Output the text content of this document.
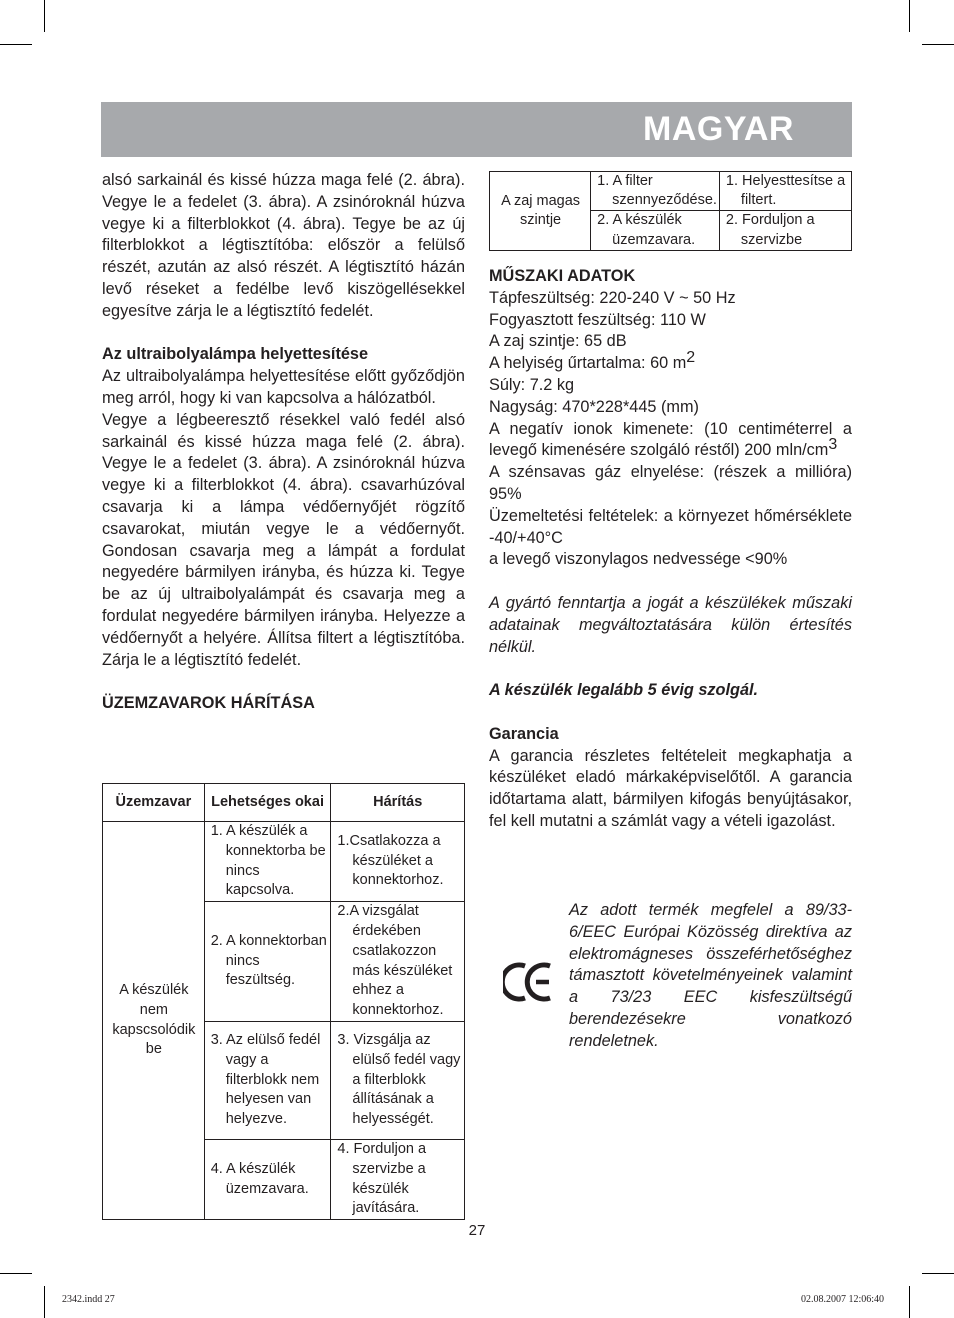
MAGYAR

alsó sarkainál és kissé húzza maga felé (2. ábra). Vegye le a fedelet (3. ábra). A zsinóroknál húzva vegye ki a filterblokkot (4. ábra). Tegye be az új filterblokkot a légtisztítóba: először a felülső részét, azután az alsó részét. A légtisztító házán levő réseket a fedélbe levő kiszögellésekkel egyesítve zárja le a légtisztító fedelét.

Az ultraibolyalámpa helyettesítése

Az ultraibolyalámpa helyettesítése előtt győződjön meg arról, hogy ki van kapcsolva a hálózatból.

Vegye a légbeeresztő résekkel való fedél alsó sarkainál és kissé húzza maga felé (2. ábra). Vegye le a fedelet (3. ábra). A zsinóroknál húzva vegye ki a filterblokkot (4. ábra). csavarhúzóval csavarja ki a lámpa védőernyőjét rögzítő csavarokat, miután vegye le a védőernyőt. Gondosan csavarja meg a lámpát a fordulat negyedére bármilyen irányba, és húzza ki. Tegye be az új ultraibolyalámpát és csavarja meg a fordulat negyedére bármilyen irányba. Helyezze a védőernyőt a helyére. Állítsa filtert a légtisztítóba. Zárja le a légtisztító fedelét.

ÜZEMZAVAROK HÁRÍTÁSA

Üzemzavar	Lehetséges okai	Hárítás
A készülék nem kapscsolódik be	1. A készülék a konnektorba be nincs kapcsolva.	1.Csatlakozza a készüléket a konnektorhoz.

	2. A konnektorban nincs feszültség.	2.A vizsgálat érdekében csatlakozzon más készüléket ehhez a konnektorhoz.

	3. Az elülső fedél vagy a filterblokk nem helyesen van helyezve.	3. Vizsgálja az elülső fedél vagy a filterblokk állításának a helyességét.

	4. A készülék üzemzavara.	4. Forduljon a szervizbe a készülék javítására.
A zaj magas szintje	1. A filter szennyeződése.	1. Helyesttesítse a filtert.

	2. A készülék üzemzavara.	2. Forduljon a szervizbe

MŰSZAKI ADATOK

Tápfeszültség: 220-240 V ~ 50 Hz

Fogyasztott feszültség: 110 W

A zaj szintje: 65 dB

A helyiség űrtartalma: 60 $m^2$

Súly: 7.2 kg

Nagyság: 470*228*445 (mm)

A negatív ionok kimenete: (10 centiméterrel a levegő kimenésére szolgáló réstől) 200 mln/$cm^3$

A szénsavas gáz elnyelése: (részek a millióra) 95%

Üzemeltetési feltételek: a környezet hőmérséklete -40/+40°C

a levegő viszonylagos nedvessége <90%

A gyártó fenntartja a jogát a készülékek műszaki adatainak megváltoztatására külön értesítés nélkül.

A készülék legalább 5 évig szolgál.

Garancia

A garancia részletes feltételeit megkaphatja a készüléket eladó márkaképviselőtől. A garancia időtartama alatt, bármilyen kifogás benyújtásakor, fel kell mutatni a számlát vagy a vételi igazolást.

Az adott termék megfelel a 89/33-6/EEC Európai Közösség direktíva az elektromágneses összeférhetőséghez támasztott követelményeinek valamint a 73/23 EEC kisfeszültségű berendezésekre vonatkozó rendeletnek.

27
2342.indd 27	02.08.2007 12:06:40
